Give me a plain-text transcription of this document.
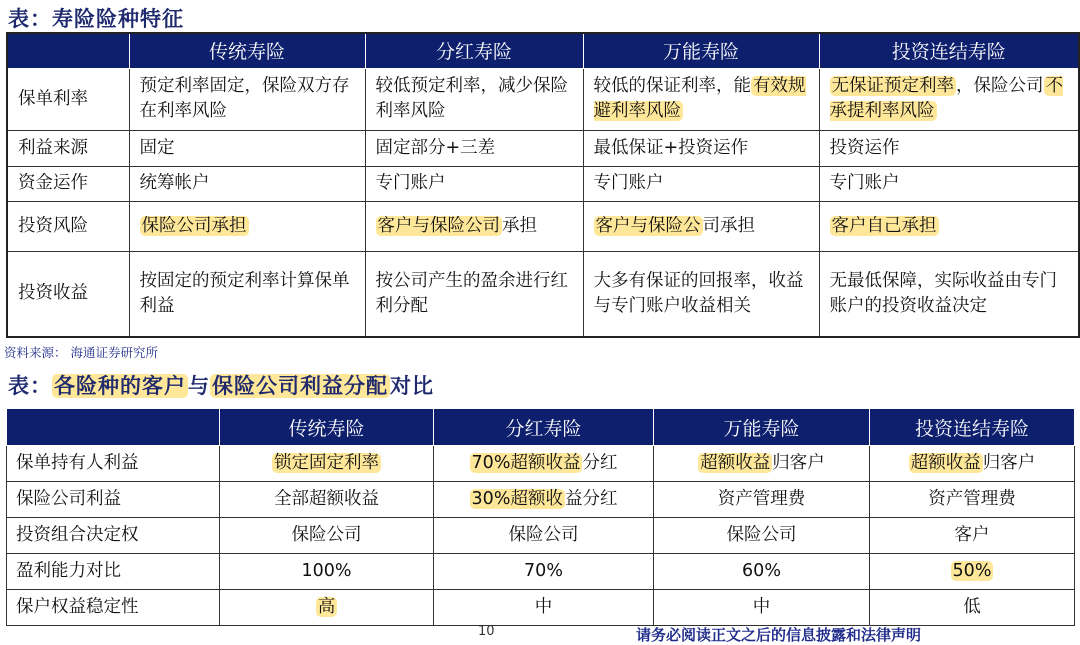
表：寿险险种特征
	传统寿险	分红寿险	万能寿险	投资连结寿险
保单利率	预定利率固定，保险双方存在利率风险	较低预定利率，减少保险利率风险	较低的保证利率，能 有效规避利率风险	无保证预定利率 ，保险公司 不承提利率风险
利益来源	固定	固定部分+三差	最低保证+投资运作	投资运作
资金运作	统筹帐户	专门账户	专门账户	专门账户
投资风险	保险公司承担	客户与保险公司 承担	客户与保险公 司承担	客户自己承担
投资收益	按固定的预定利率计算保单利益	按公司产生的盈余进行红利分配	大多有保证的回报率，收益与专门账户收益相关	无最低保障，实际收益由专门账户的投资收益决定
资料来源： 海通证券研究所
表：各险种的客户与保险公司利益分配对比
	传统寿险	分红寿险	万能寿险	投资连结寿险
保单持有人利益	锁定固定利率	70%超额收益 分红	超额收益 归客户	超额收益 归客户
保险公司利益	全部超额收益	30%超额收 益分红	资产管理费	资产管理费
投资组合决定权	保险公司	保险公司	保险公司	客户
盈利能力对比	100%	70%	60%	50%
保户权益稳定性	高	中	中	低
10	请务必阅读正文之后的信息披露和法律声明
